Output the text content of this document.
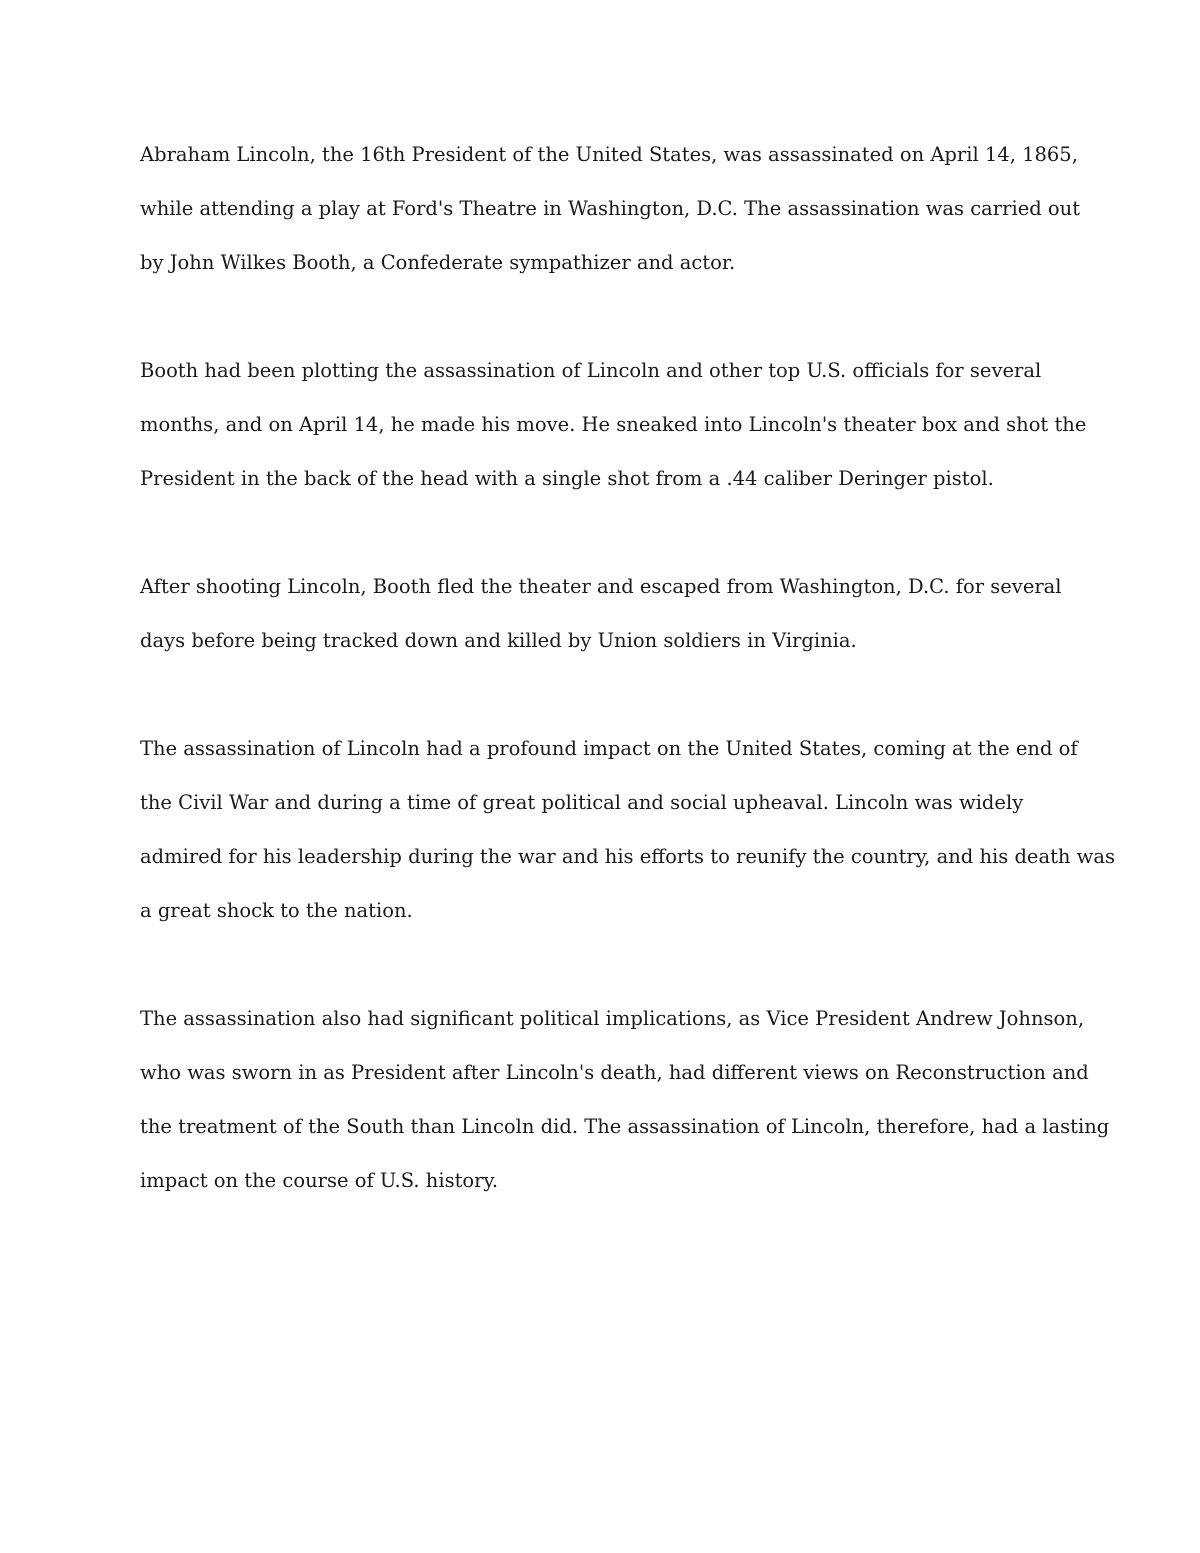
Abraham Lincoln, the 16th President of the United States, was assassinated on April 14, 1865,
while attending a play at Ford's Theatre in Washington, D.C. The assassination was carried out
by John Wilkes Booth, a Confederate sympathizer and actor.

Booth had been plotting the assassination of Lincoln and other top U.S. officials for several
months, and on April 14, he made his move. He sneaked into Lincoln's theater box and shot the
President in the back of the head with a single shot from a .44 caliber Deringer pistol.

After shooting Lincoln, Booth fled the theater and escaped from Washington, D.C. for several
days before being tracked down and killed by Union soldiers in Virginia.

The assassination of Lincoln had a profound impact on the United States, coming at the end of
the Civil War and during a time of great political and social upheaval. Lincoln was widely
admired for his leadership during the war and his efforts to reunify the country, and his death was
a great shock to the nation.

The assassination also had significant political implications, as Vice President Andrew Johnson,
who was sworn in as President after Lincoln's death, had different views on Reconstruction and
the treatment of the South than Lincoln did. The assassination of Lincoln, therefore, had a lasting
impact on the course of U.S. history.
